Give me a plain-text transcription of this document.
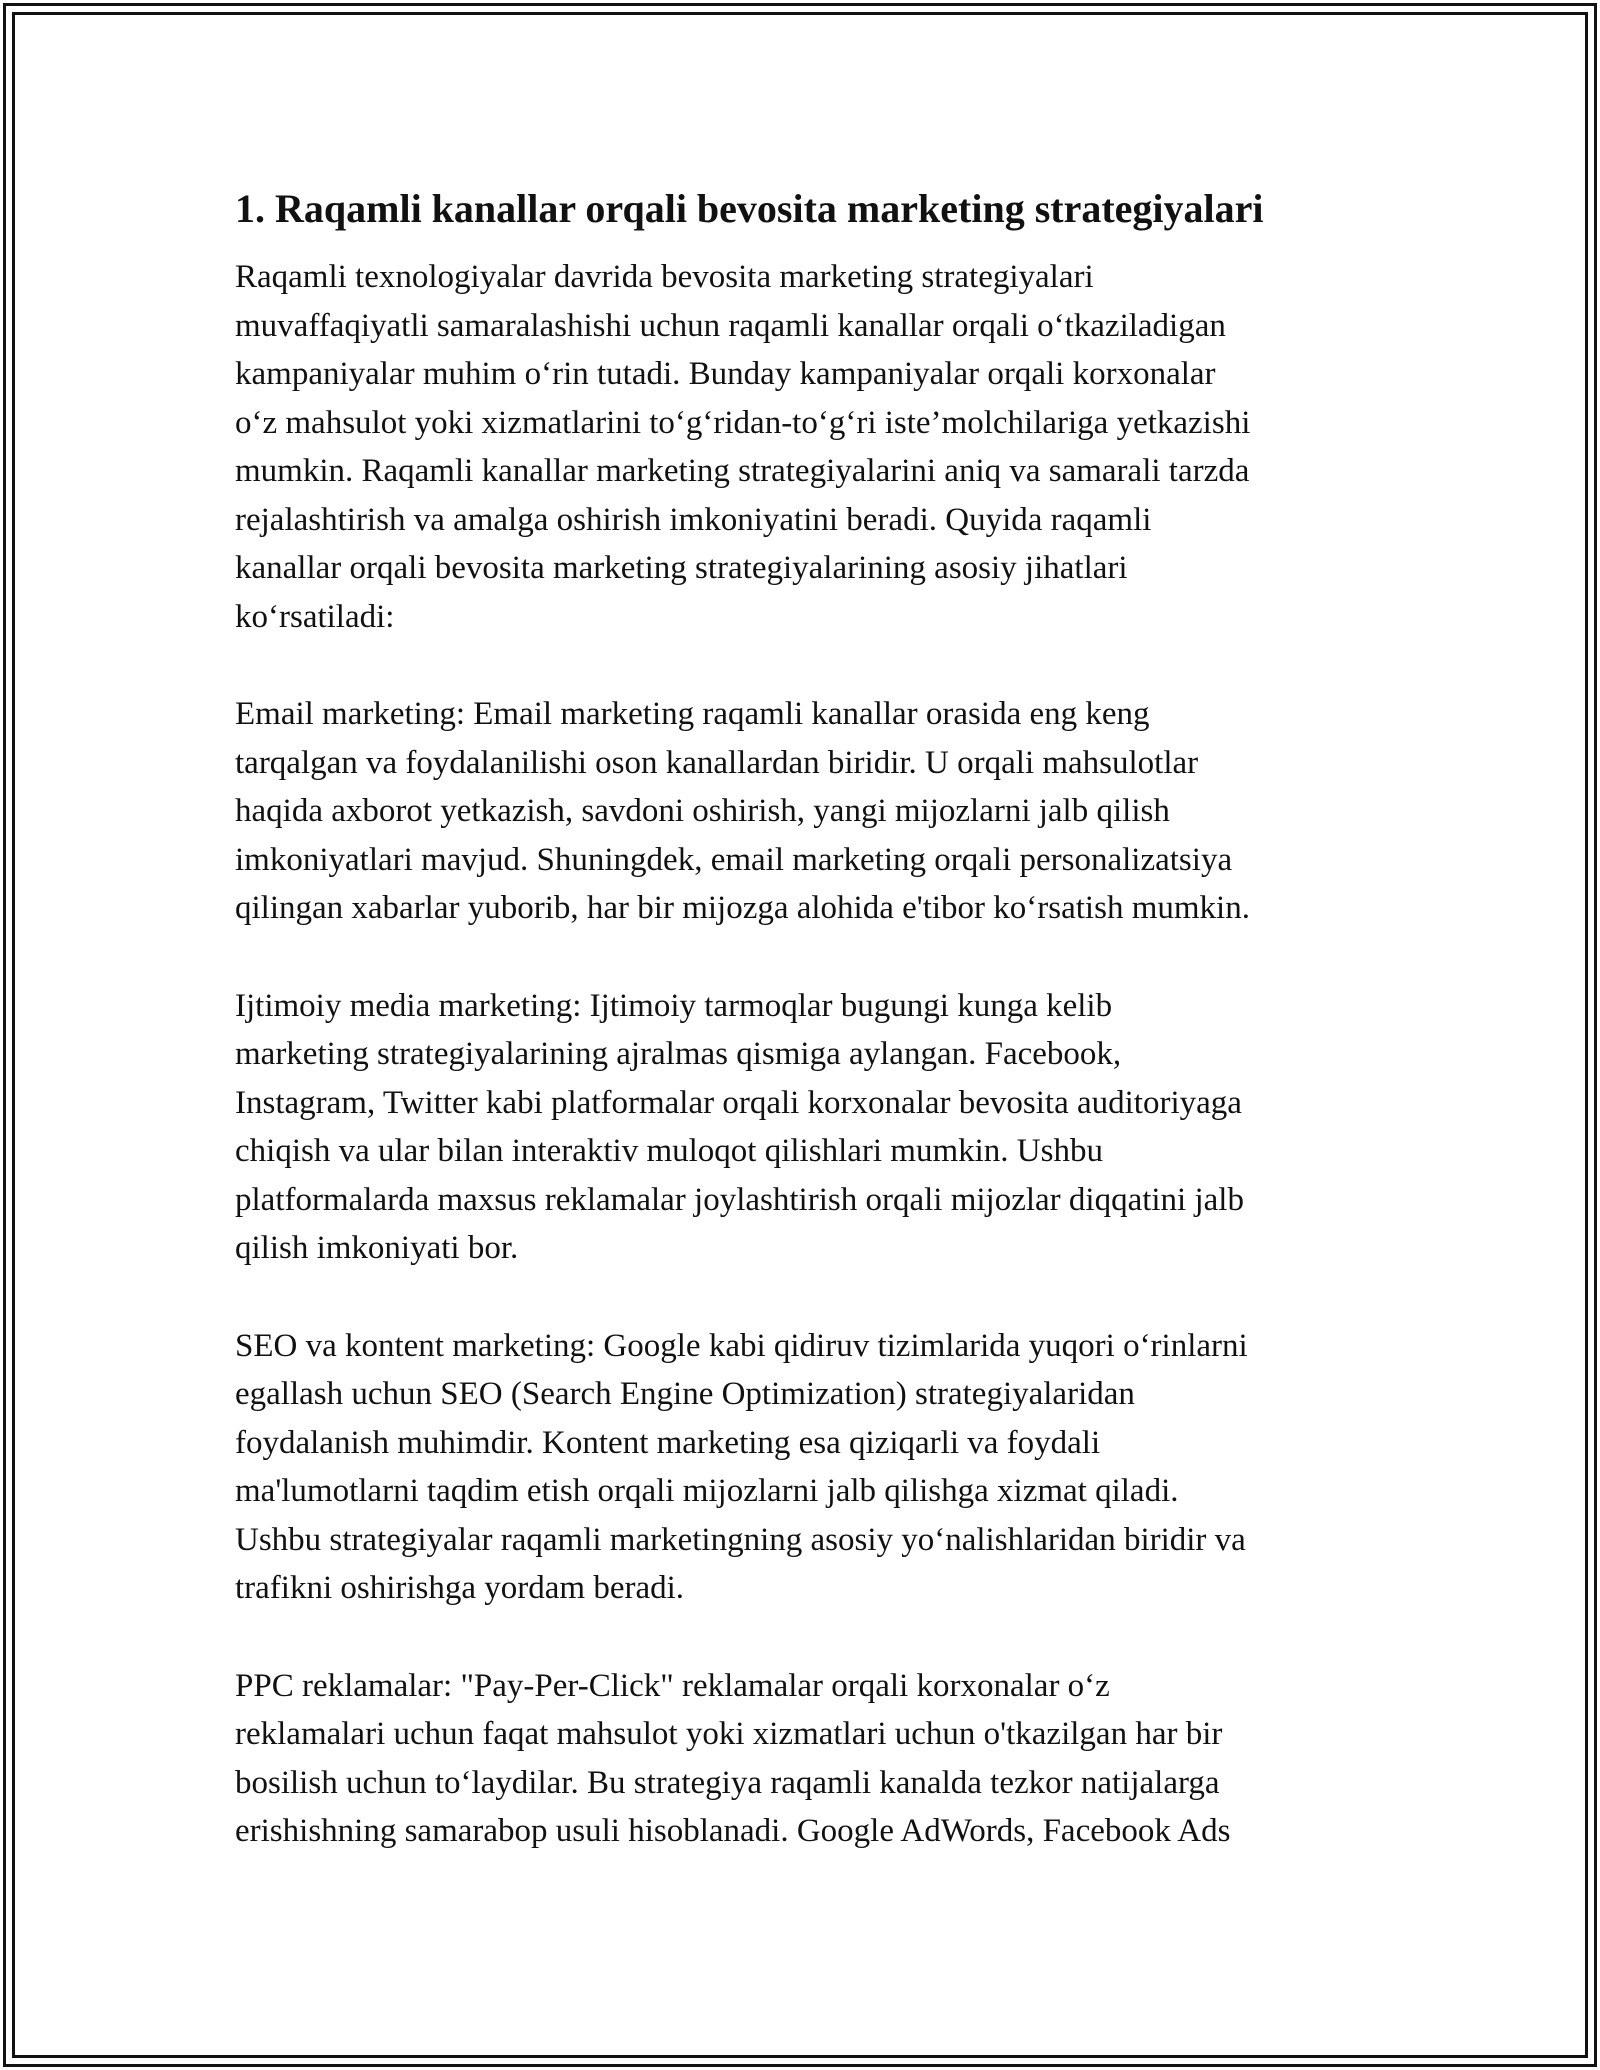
1. Raqamli kanallar orqali bevosita marketing strategiyalari

Raqamli texnologiyalar davrida bevosita marketing strategiyalari
muvaffaqiyatli samaralashishi uchun raqamli kanallar orqali o‘tkaziladigan
kampaniyalar muhim o‘rin tutadi. Bunday kampaniyalar orqali korxonalar
o‘z mahsulot yoki xizmatlarini to‘g‘ridan-to‘g‘ri iste’molchilariga yetkazishi
mumkin. Raqamli kanallar marketing strategiyalarini aniq va samarali tarzda
rejalashtirish va amalga oshirish imkoniyatini beradi. Quyida raqamli
kanallar orqali bevosita marketing strategiyalarining asosiy jihatlari
ko‘rsatiladi:

Email marketing: Email marketing raqamli kanallar orasida eng keng
tarqalgan va foydalanilishi oson kanallardan biridir. U orqali mahsulotlar
haqida axborot yetkazish, savdoni oshirish, yangi mijozlarni jalb qilish
imkoniyatlari mavjud. Shuningdek, email marketing orqali personalizatsiya
qilingan xabarlar yuborib, har bir mijozga alohida e'tibor ko‘rsatish mumkin.

Ijtimoiy media marketing: Ijtimoiy tarmoqlar bugungi kunga kelib
marketing strategiyalarining ajralmas qismiga aylangan. Facebook,
Instagram, Twitter kabi platformalar orqali korxonalar bevosita auditoriyaga
chiqish va ular bilan interaktiv muloqot qilishlari mumkin. Ushbu
platformalarda maxsus reklamalar joylashtirish orqali mijozlar diqqatini jalb
qilish imkoniyati bor.

SEO va kontent marketing: Google kabi qidiruv tizimlarida yuqori o‘rinlarni
egallash uchun SEO (Search Engine Optimization) strategiyalaridan
foydalanish muhimdir. Kontent marketing esa qiziqarli va foydali
ma'lumotlarni taqdim etish orqali mijozlarni jalb qilishga xizmat qiladi.
Ushbu strategiyalar raqamli marketingning asosiy yo‘nalishlaridan biridir va
trafikni oshirishga yordam beradi.

PPC reklamalar: "Pay-Per-Click" reklamalar orqali korxonalar o‘z
reklamalari uchun faqat mahsulot yoki xizmatlari uchun o'tkazilgan har bir
bosilish uchun to‘laydilar. Bu strategiya raqamli kanalda tezkor natijalarga
erishishning samarabop usuli hisoblanadi. Google AdWords, Facebook Ads
